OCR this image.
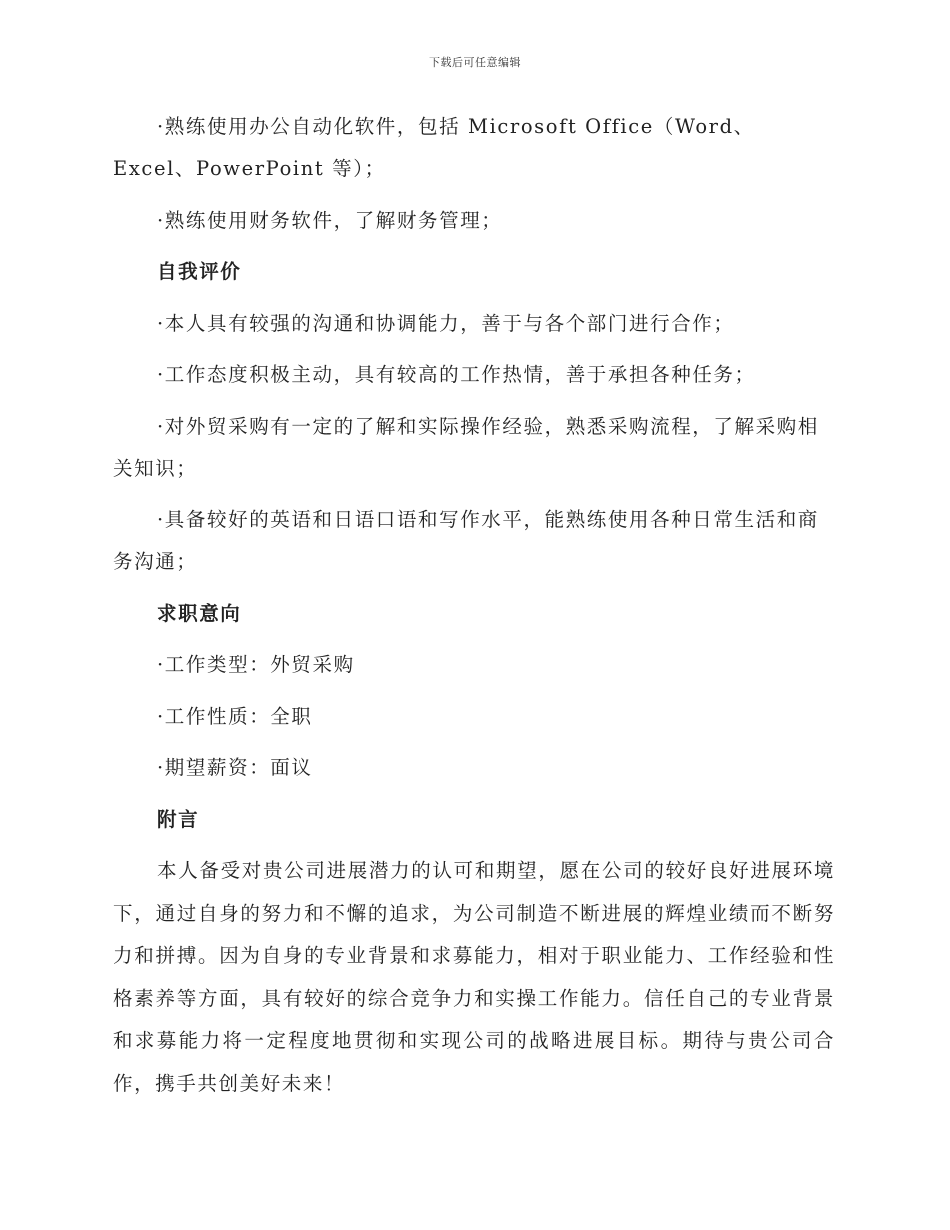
下载后可任意编辑

·熟练使用办公自动化软件，包括 Microsoft Office（Word、Excel、PowerPoint 等）；

·熟练使用财务软件，了解财务管理；

自我评价

·本人具有较强的沟通和协调能力，善于与各个部门进行合作；

·工作态度积极主动，具有较高的工作热情，善于承担各种任务；

·对外贸采购有一定的了解和实际操作经验，熟悉采购流程，了解采购相关知识；

·具备较好的英语和日语口语和写作水平，能熟练使用各种日常生活和商务沟通；

求职意向

·工作类型：外贸采购

·工作性质：全职

·期望薪资：面议

附言

本人备受对贵公司进展潜力的认可和期望，愿在公司的较好良好进展环境下，通过自身的努力和不懈的追求，为公司制造不断进展的辉煌业绩而不断努力和拼搏。因为自身的专业背景和求募能力，相对于职业能力、工作经验和性格素养等方面，具有较好的综合竞争力和实操工作能力。信任自己的专业背景和求募能力将一定程度地贯彻和实现公司的战略进展目标。期待与贵公司合作，携手共创美好未来！
